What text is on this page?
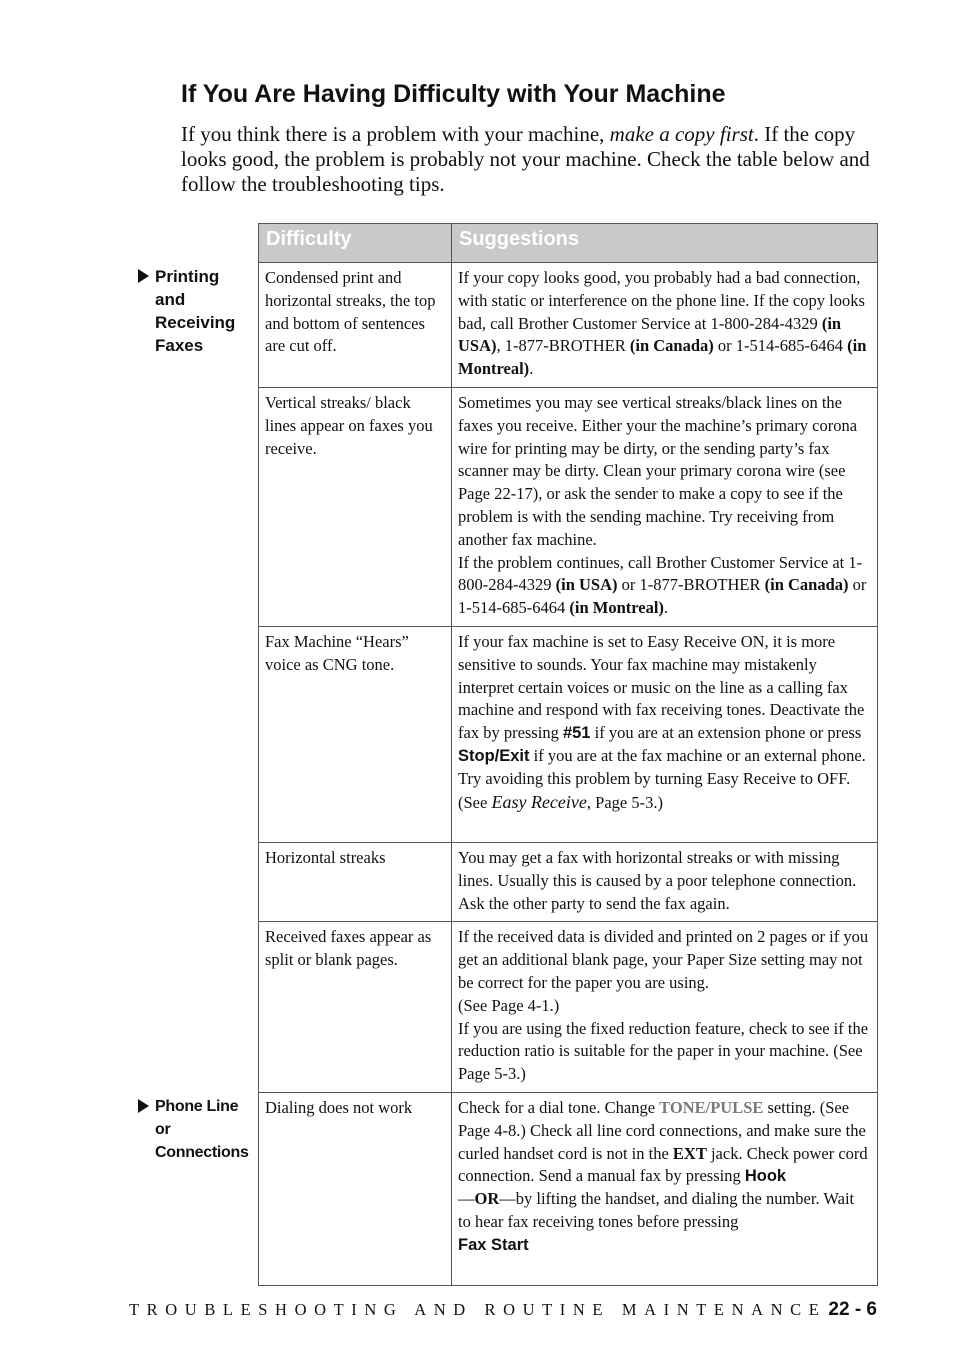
If You Are Having Difficulty with Your Machine

If you think there is a problem with your machine, make a copy first. If the copy looks good, the problem is probably not your machine. Check the table below and follow the troubleshooting tips.

Printing
and
Receiving
Faxes
Phone Line
or
Connections
Difficulty	Suggestions
Condensed print and horizontal streaks, the top and bottom of sentences are cut off.	If your copy looks good, you probably had a bad connection, with static or interference on the phone line. If the copy looks bad, call Brother Customer Service at 1-800-284-4329 (in USA), 1-877-BROTHER (in Canada) or 1-514-685-6464 (in Montreal).
Vertical streaks/ black lines appear on faxes you receive.	Sometimes you may see vertical streaks/black lines on the faxes you receive. Either your the machine’s primary corona wire for printing may be dirty, or the sending party’s fax scanner may be dirty. Clean your primary corona wire (see Page 22-17), or ask the sender to make a copy to see if the problem is with the sending machine. Try receiving from another fax machine.
If the problem continues, call Brother Customer Service at 1-800-284-4329 (in USA) or 1-877-BROTHER (in Canada) or 1-514-685-6464 (in Montreal).
Fax Machine “Hears” voice as CNG tone.	If your fax machine is set to Easy Receive ON, it is more sensitive to sounds. Your fax machine may mistakenly interpret certain voices or music on the line as a calling fax machine and respond with fax receiving tones. Deactivate the fax by pressing #51 if you are at an extension phone or press Stop/Exit if you are at the fax machine or an external phone.
Try avoiding this problem by turning Easy Receive to OFF. (See Easy Receive, Page 5-3.)
Horizontal streaks	You may get a fax with horizontal streaks or with missing lines. Usually this is caused by a poor telephone connection. Ask the other party to send the fax again.
Received faxes appear as split or blank pages.	If the received data is divided and printed on 2 pages or if you get an additional blank page, your Paper Size setting may not be correct for the paper you are using.
(See Page 4-1.)
If you are using the fixed reduction feature, check to see if the reduction ratio is suitable for the paper in your machine. (See Page 5-3.)
Dialing does not work	Check for a dial tone. Change TONE/PULSE setting. (See Page 4-8.) Check all line cord connections, and make sure the curled handset cord is not in the EXT jack. Check power cord connection. Send a manual fax by pressing Hook
—OR—by lifting the handset, and dialing the number. Wait to hear fax receiving tones before pressing
Fax Start
TROUBLESHOOTING AND ROUTINE MAINTENANCE 22 - 6
